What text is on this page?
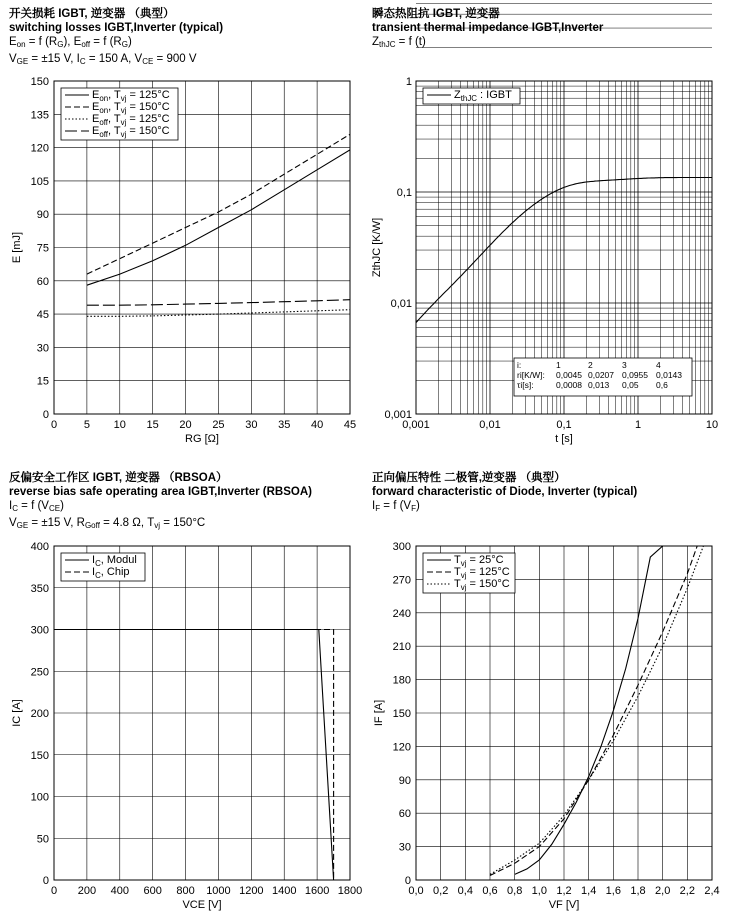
开关损耗 IGBT, 逆变器 （典型）
switching losses IGBT,Inverter (typical)
$E_{on} = f$ $(R_G)$, $E_{off} = f$ $(R_G)$
$V_{GE} = \pm 15$ V, $I_C = 150$ A, $V_{CE} = 900$ V
瞬态热阻抗 IGBT, 逆变器
transient thermal impedance IGBT,Inverter
$Z_{thJC} = f$ (t)
反偏安全工作区 IGBT, 逆变器 （RBSOA）
reverse bias safe operating area IGBT,Inverter (RBSOA)
$I_C = f$ $(V_{CE})$
$V_{GE} = \pm 15$ V, $R_{Goff} = 4.8$ Ω, $T_{vj} = 150^\circ C$
正向偏压特性 二极管,逆变器 （典型）
forward characteristic of Diode, Inverter (typical)
$I_F = f$ $(V_F)$
0 5 10 15 20 25 30 35 40 45
0
15
30
45
60
75
90
105
120
135
150
RG [Ω]
E [mJ]
$E_{on}$, $T_{vj} = 125^\circ C$
$E_{on}$, $T_{vj} = 150^\circ C$
$E_{off}$, $T_{vj} = 125^\circ C$
$E_{off}$, $T_{vj} = 150^\circ C$
0,001	0,01	0,1	1	10
0,001
0,01
0,1
1
t [s]
ZthJC [K/W]
$Z_{thJC}$ : IGBT
i:	1	2	3	4
ri[K/W]: 0,0045 0,0207 0,0955 0,0143
τi[s]:	0,0008 0,013 0,05 0,6
0 200 400 600 800 1000 1200 1400 1600 1800
0
50
100
150
200
250
300
350
400
VCE [V]
IC [A]
$I_C$, Modul
$I_C$, Chip
0,0 0,2 0,4 0,6 0,8 1,0 1,2 1,4 1,6 1,8 2,0 2,2 2,4
0
30
60
90
120
150
180
210
240
270
300
VF [V]
IF [A]
$T_{vj} = 25^\circ C$
$T_{vj} = 125^\circ C$
$T_{vj} = 150^\circ C$
